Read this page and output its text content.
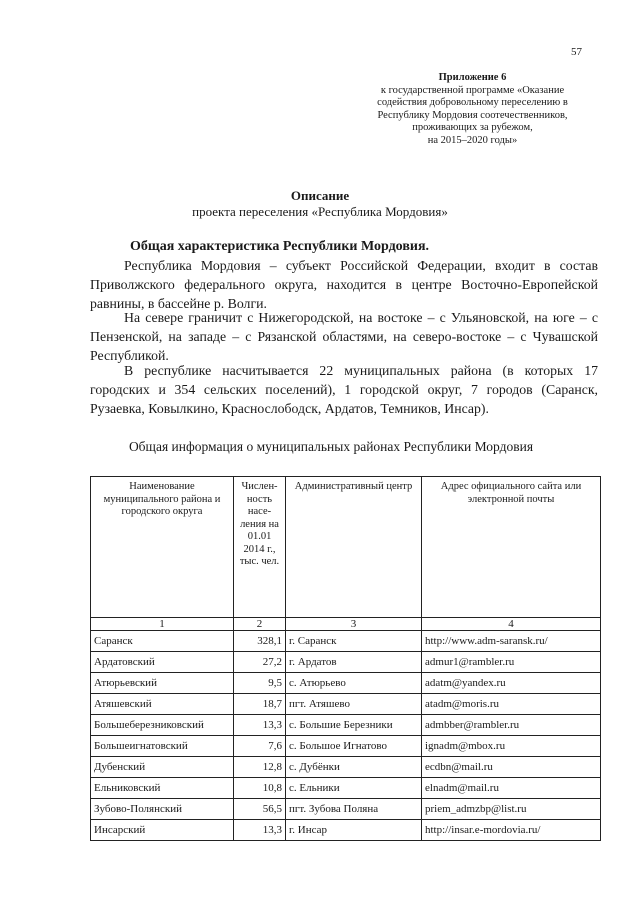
57
Приложение 6
к государственной программе «Оказание
содействия добровольному переселению в
Республику Мордовия соотечественников,
проживающих за рубежом,
на 2015–2020 годы»
Описание
проекта переселения «Республика Мордовия»
Общая характеристика Республики Мордовия.

Республика Мордовия – субъект Российской Федерации, входит в состав Приволжского федерального округа, находится в центре Восточно-Европейской равнины, в бассейне р. Волги.

На севере граничит с Нижегородской, на востоке – с Ульяновской, на юге – с Пензенской, на западе – с Рязанской областями, на северо-востоке – с Чувашской Республикой.

В республике насчитывается 22 муниципальных района (в которых 17 городских и 354 сельских поселений), 1 городской округ, 7 городов (Саранск, Рузаевка, Ковылкино, Краснослободск, Ардатов, Темников, Инсар).

Общая информация о муниципальных районах Республики Мордовия
Наименование муниципального района и городского округа	Числен-ность насе-ления на 01.01 2014 г., тыс. чел.	Административный центр	Адрес официального сайта или электронной почты
1	2	3	4
Саранск	328,1	г. Саранск	http://www.adm-saransk.ru/
Ардатовский	27,2	г. Ардатов	admur1@rambler.ru
Атюрьевский	9,5	с. Атюрьево	adatm@yandex.ru
Атяшевский	18,7	пгт. Атяшево	atadm@moris.ru
Большеберезниковский	13,3	с. Большие Березники	admbber@rambler.ru
Большеигнатовский	7,6	с. Большое Игнатово	ignadm@mbox.ru
Дубенский	12,8	с. Дубёнки	ecdbn@mail.ru
Ельниковский	10,8	с. Ельники	elnadm@mail.ru
Зубово-Полянский	56,5	пгт. Зубова Поляна	priem_admzbp@list.ru
Инсарский	13,3	г. Инсар	http://insar.e-mordovia.ru/
